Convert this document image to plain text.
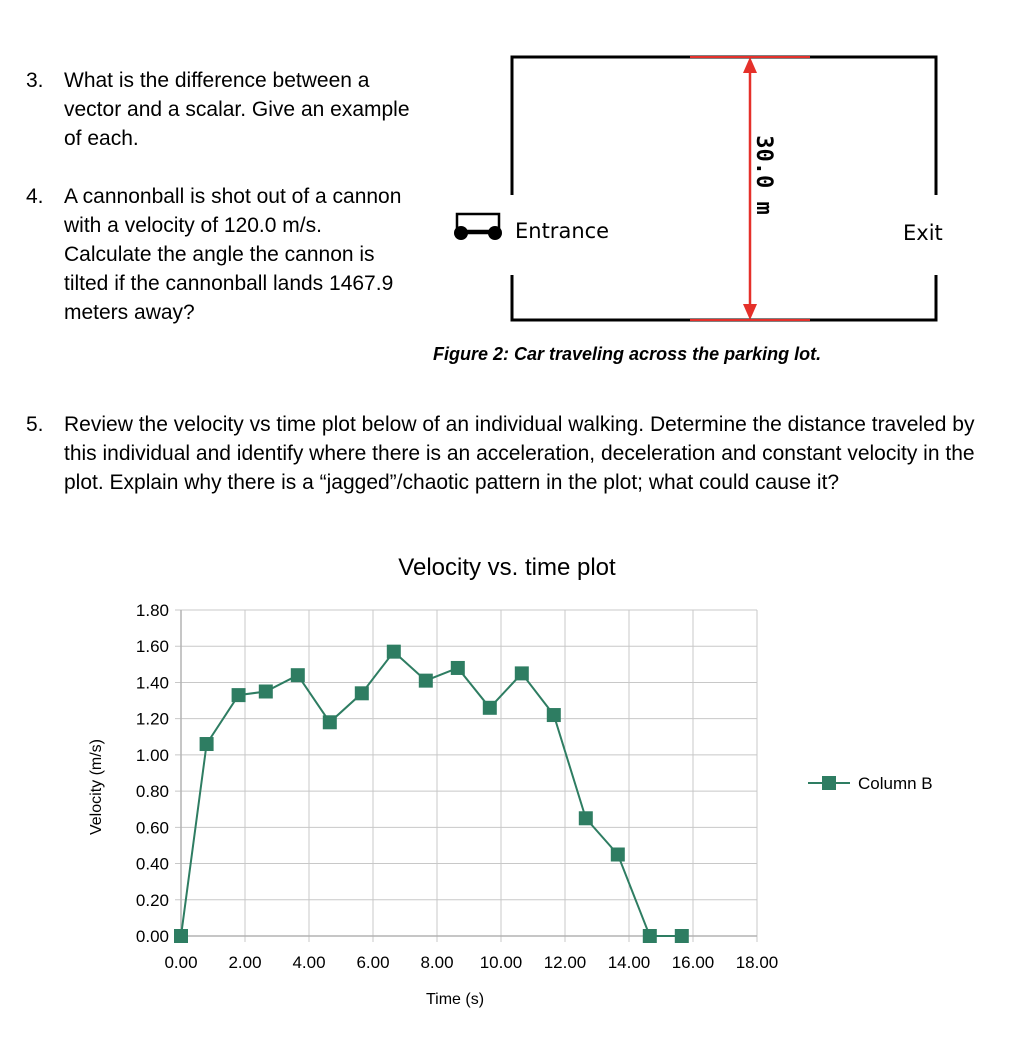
3. What is the difference between a vector and a scalar. Give an example of each.
4. A cannonball is shot out of a cannon with a velocity of 120.0 m/s. Calculate the angle the cannon is tilted if the cannonball lands 1467.9 meters away?
Entrance	Exit
30.0 m
Figure 2: Car traveling across the parking lot.
5. Review the velocity vs time plot below of an individual walking. Determine the distance traveled by this individual and identify where there is an acceleration, deceleration and constant velocity in the plot. Explain why there is a “jagged”/chaotic pattern in the plot; what could cause it?
Velocity vs. time plot
0.00
0.20
0.40
0.60
0.80
1.00
1.20
1.40
1.60
1.80
0.00 2.00 4.00 6.00 8.00 10.00 12.00 14.00 16.00 18.00
Time (s)
Velocity (m/s)	Column B
